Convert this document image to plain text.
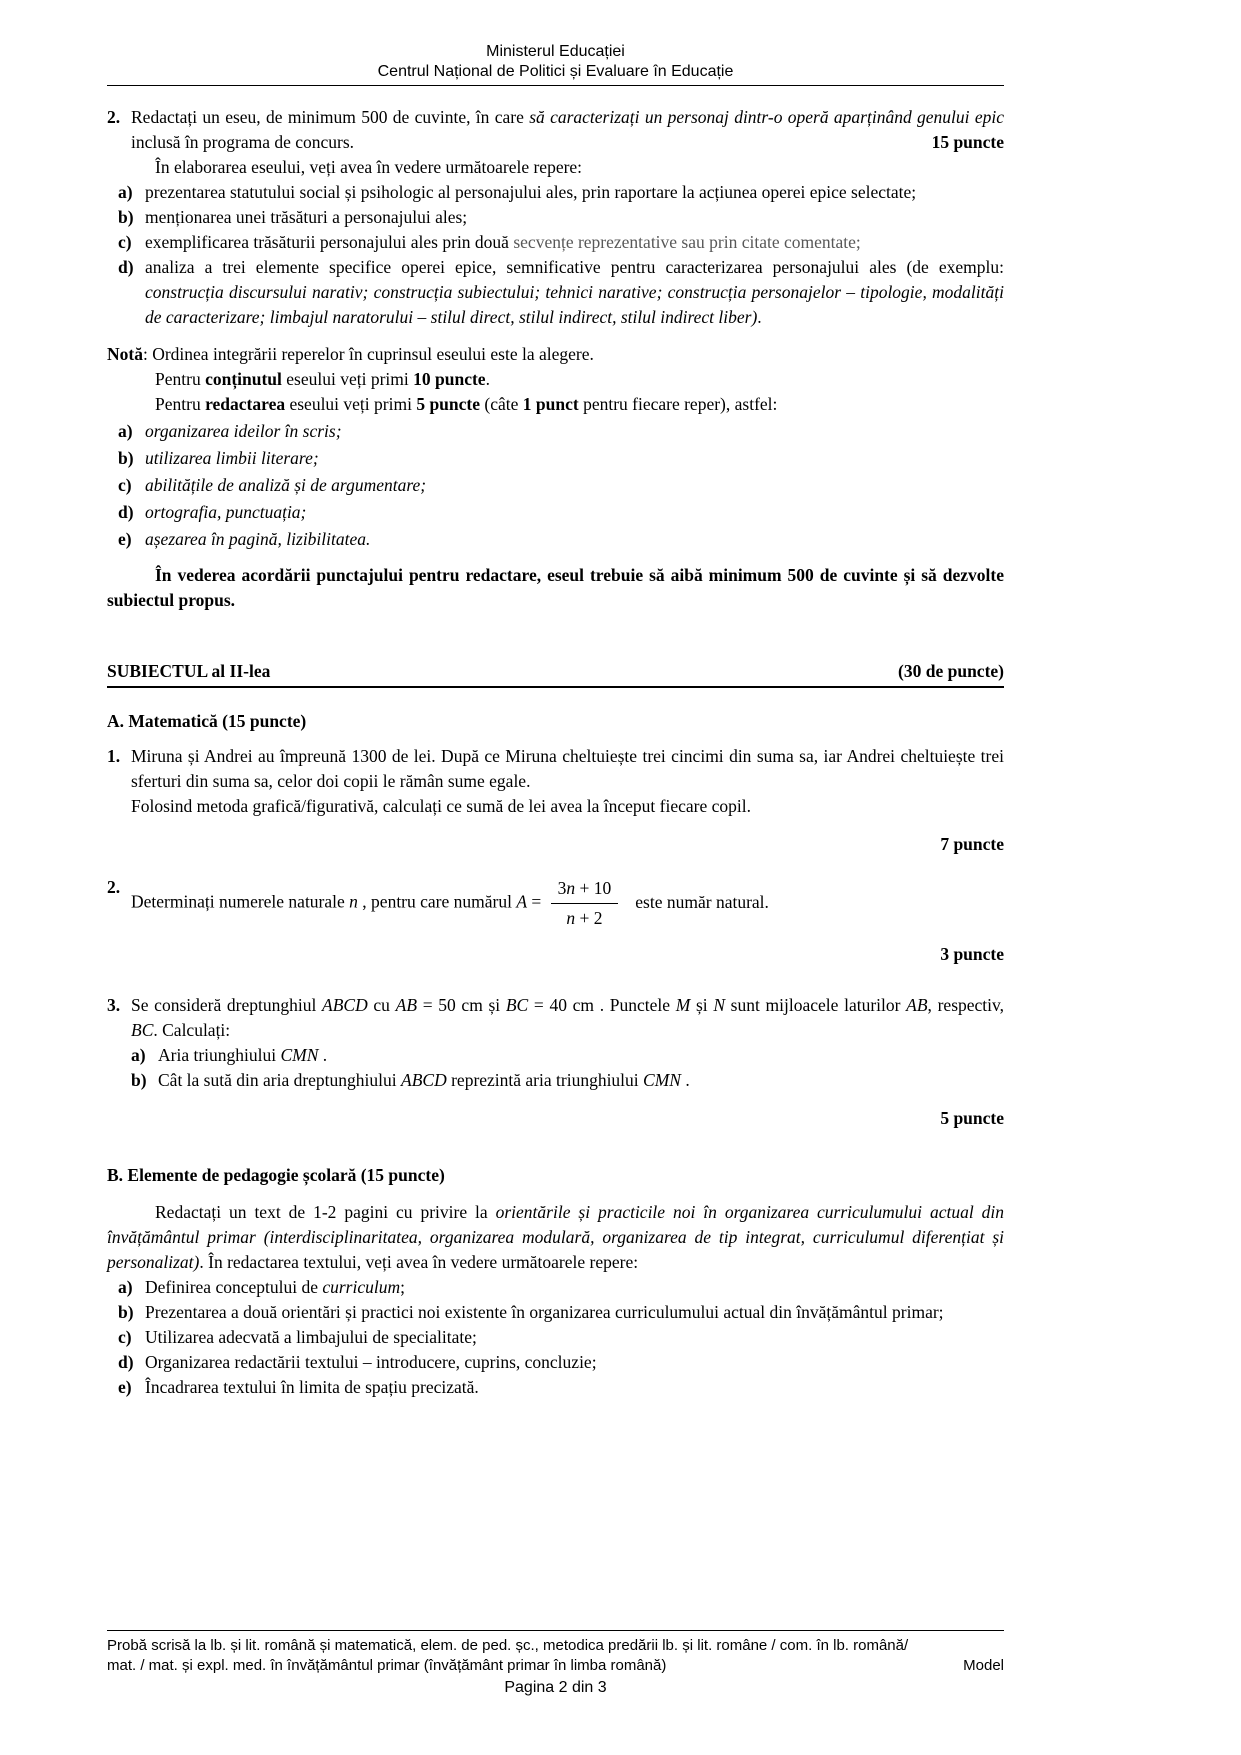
Ministerul Educației
Centrul Național de Politici și Evaluare în Educație
2. Redactați un eseu, de minimum 500 de cuvinte, în care să caracterizați un personaj dintr-o operă aparținând genului epic inclusă în programa de concurs.	15 puncte
În elaborarea eseului, veți avea în vedere următoarele repere:
a) prezentarea statutului social și psihologic al personajului ales, prin raportare la acțiunea operei epice selectate;
b) menționarea unei trăsături a personajului ales;
c) exemplificarea trăsăturii personajului ales prin două secvențe reprezentative sau prin citate comentate;
d) analiza a trei elemente specifice operei epice, semnificative pentru caracterizarea personajului ales (de exemplu: construcția discursului narativ; construcția subiectului; tehnici narative; construcția personajelor – tipologie, modalități de caracterizare; limbajul naratorului – stilul direct, stilul indirect, stilul indirect liber).
Notă: Ordinea integrării reperelor în cuprinsul eseului este la alegere.
Pentru conținutul eseului veți primi 10 puncte.
Pentru redactarea eseului veți primi 5 puncte (câte 1 punct pentru fiecare reper), astfel:
a) organizarea ideilor în scris;
b) utilizarea limbii literare;
c) abilitățile de analiză și de argumentare;
d) ortografia, punctuația;
e) așezarea în pagină, lizibilitatea.
În vederea acordării punctajului pentru redactare, eseul trebuie să aibă minimum 500 de cuvinte și să dezvolte subiectul propus.
SUBIECTUL al II-lea	(30 de puncte)
A. Matematică (15 puncte)
1. Miruna și Andrei au împreună 1300 de lei. După ce Miruna cheltuiește trei cincimi din suma sa, iar Andrei cheltuiește trei sferturi din suma sa, celor doi copii le rămân sume egale.
Folosind metoda grafică/figurativă, calculați ce sumă de lei avea la început fiecare copil.
7 puncte
2.
Determinați numerele naturale n , pentru care numărul $A = \frac{3n + 10}{n + 2}$ este număr natural.
3 puncte
3. Se consideră dreptunghiul ABCD cu AB = 50 cm și BC = 40 cm . Punctele M și N sunt mijloacele laturilor AB, respectiv, BC. Calculați:
a) Aria triunghiului CMN .
b) Cât la sută din aria dreptunghiului ABCD reprezintă aria triunghiului CMN .
5 puncte
B. Elemente de pedagogie școlară (15 puncte)
Redactați un text de 1-2 pagini cu privire la orientările și practicile noi în organizarea curriculumului actual din învățământul primar (interdisciplinaritatea, organizarea modulară, organizarea de tip integrat, curriculumul diferențiat și personalizat). În redactarea textului, veți avea în vedere următoarele repere:
a) Definirea conceptului de curriculum;
b) Prezentarea a două orientări și practici noi existente în organizarea curriculumului actual din învățământul primar;
c) Utilizarea adecvată a limbajului de specialitate;
d) Organizarea redactării textului – introducere, cuprins, concluzie;
e) Încadrarea textului în limita de spațiu precizată.
Probă scrisă la lb. și lit. română și matematică, elem. de ped. șc., metodica predării lb. și lit. române / com. în lb. română/
mat. / mat. și expl. med. în învățământul primar (învățământ primar în limba română)	Model
Pagina 2 din 3
